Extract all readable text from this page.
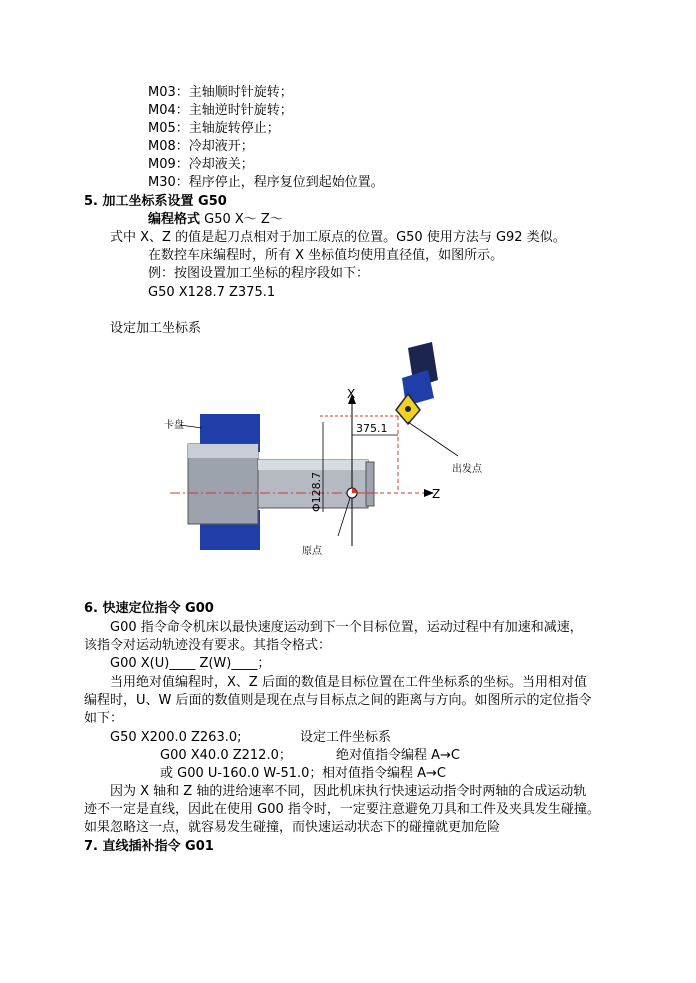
M03：主轴顺时针旋转；
M04：主轴逆时针旋转；
M05：主轴旋转停止；
M08：冷却液开；
M09：冷却液关；
M30：程序停止，程序复位到起始位置。
5. 加工坐标系设置 G50
编程格式 G50 X～ Z～
式中 X、Z 的值是起刀点相对于加工原点的位置。G50 使用方法与 G92 类似。
在数控车床编程时，所有 X 坐标值均使用直径值，如图所示。
例：按图设置加工坐标的程序段如下：
G50 X128.7 Z375.1
设定加工坐标系
卡盘
X
Z
375.1
Φ128.7
原点
出发点
6. 快速定位指令 G00
G00 指令命令机床以最快速度运动到下一个目标位置，运动过程中有加速和减速，
该指令对运动轨迹没有要求。其指令格式：
G00 X(U)____ Z(W)____；
当用绝对值编程时，X、Z 后面的数值是目标位置在工件坐标系的坐标。当用相对值
编程时，U、W 后面的数值则是现在点与目标点之间的距离与方向。如图所示的定位指令
如下：
G50 X200.0 Z263.0;	设定工件坐标系
G00 X40.0 Z212.0；	绝对值指令编程 A→C
或 G00 U-160.0 W-51.0； 相对值指令编程 A→C
因为 X 轴和 Z 轴的进给速率不同，因此机床执行快速运动指令时两轴的合成运动轨
迹不一定是直线，因此在使用 G00 指令时，一定要注意避免刀具和工件及夹具发生碰撞。
如果忽略这一点，就容易发生碰撞，而快速运动状态下的碰撞就更加危险
7. 直线插补指令 G01
